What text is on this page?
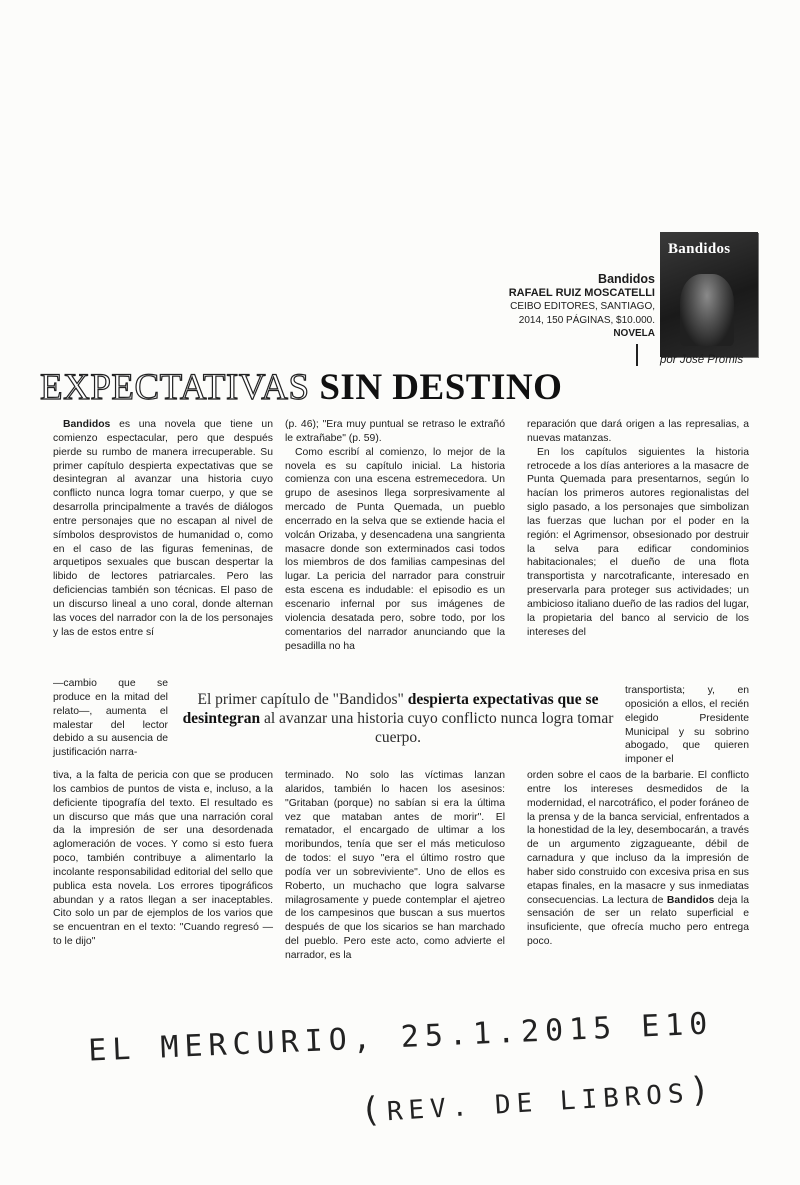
Bandidos
RAFAEL RUIZ MOSCATELLI
CEIBO EDITORES, SANTIAGO,
2014, 150 PÁGINAS, $10.000.
NOVELA
Bandidos
por José Promis
EXPECTATIVAS SIN DESTINO

Bandidos es una novela que tiene un comienzo espectacular, pero que después pierde su rumbo de manera irrecuperable. Su primer capítulo despierta expectativas que se desintegran al avanzar una historia cuyo conflicto nunca logra tomar cuerpo, y que se desarrolla principalmente a través de diálogos entre personajes que no escapan al nivel de símbolos desprovistos de humanidad o, como en el caso de las figuras femeninas, de arquetipos sexuales que buscan despertar la libido de lectores patriarcales. Pero las deficiencias también son técnicas. El paso de un discurso lineal a uno coral, donde alternan las voces del narrador con la de los personajes y las de estos entre sí

—cambio que se produce en la mitad del relato—, aumenta el malestar del lector debido a su ausencia de justificación narra-

tiva, a la falta de pericia con que se producen los cambios de puntos de vista e, incluso, a la deficiente tipografía del texto. El resultado es un discurso que más que una narración coral da la impresión de ser una desordenada aglomeración de voces. Y como si esto fuera poco, también contribuye a alimentarlo la incolante responsabilidad editorial del sello que publica esta novela. Los errores tipográficos abundan y a ratos llegan a ser inaceptables. Cito solo un par de ejemplos de los varios que se encuentran en el texto: "Cuando regresó —to le dijo"

(p. 46); "Era muy puntual se retraso le extrañó le extrañabe" (p. 59).

Como escribí al comienzo, lo mejor de la novela es su capítulo inicial. La historia comienza con una escena estremecedora. Un grupo de asesinos llega sorpresivamente al mercado de Punta Quemada, un pueblo encerrado en la selva que se extiende hacia el volcán Orizaba, y desencadena una sangrienta masacre donde son exterminados casi todos los miembros de dos familias campesinas del lugar. La pericia del narrador para construir esta escena es indudable: el episodio es un escenario infernal por sus imágenes de violencia desatada pero, sobre todo, por los comentarios del narrador anunciando que la pesadilla no ha

terminado. No solo las víctimas lanzan alaridos, también lo hacen los asesinos: "Gritaban (porque) no sabían si era la última vez que mataban antes de morir". El rematador, el encargado de ultimar a los moribundos, tenía que ser el más meticuloso de todos: el suyo "era el último rostro que podía ver un sobreviviente". Uno de ellos es Roberto, un muchacho que logra salvarse milagrosamente y puede contemplar el ajetreo de los campesinos que buscan a sus muertos después de que los sicarios se han marchado del pueblo. Pero este acto, como advierte el narrador, es la

reparación que dará origen a las represalias, a nuevas matanzas.

En los capítulos siguientes la historia retrocede a los días anteriores a la masacre de Punta Quemada para presentarnos, según lo hacían los primeros autores regionalistas del siglo pasado, a los personajes que simbolizan las fuerzas que luchan por el poder en la región: el Agrimensor, obsesionado por destruir la selva para edificar condominios habitacionales; el dueño de una flota transportista y narcotraficante, interesado en preservarla para proteger sus actividades; un ambicioso italiano dueño de las radios del lugar, la propietaria del banco al servicio de los intereses del

transportista; y, en oposición a ellos, el recién elegido Presidente Municipal y su sobrino abogado, que quieren imponer el

orden sobre el caos de la barbarie. El conflicto entre los intereses desmedidos de la modernidad, el narcotráfico, el poder foráneo de la prensa y de la banca servicial, enfrentados a la honestidad de la ley, desembocarán, a través de un argumento zigzagueante, débil de carnadura y que incluso da la impresión de haber sido construido con excesiva prisa en sus etapas finales, en la masacre y sus inmediatas consecuencias. La lectura de Bandidos deja la sensación de ser un relato superficial e insuficiente, que ofrecía mucho pero entrega poco.

El primer capítulo de "Bandidos" despierta expectativas que se desintegran al avanzar una historia cuyo conflicto nunca logra tomar cuerpo.
EL MERCURIO, 25.1.2015 E10
(REV. DE LIBROS)
